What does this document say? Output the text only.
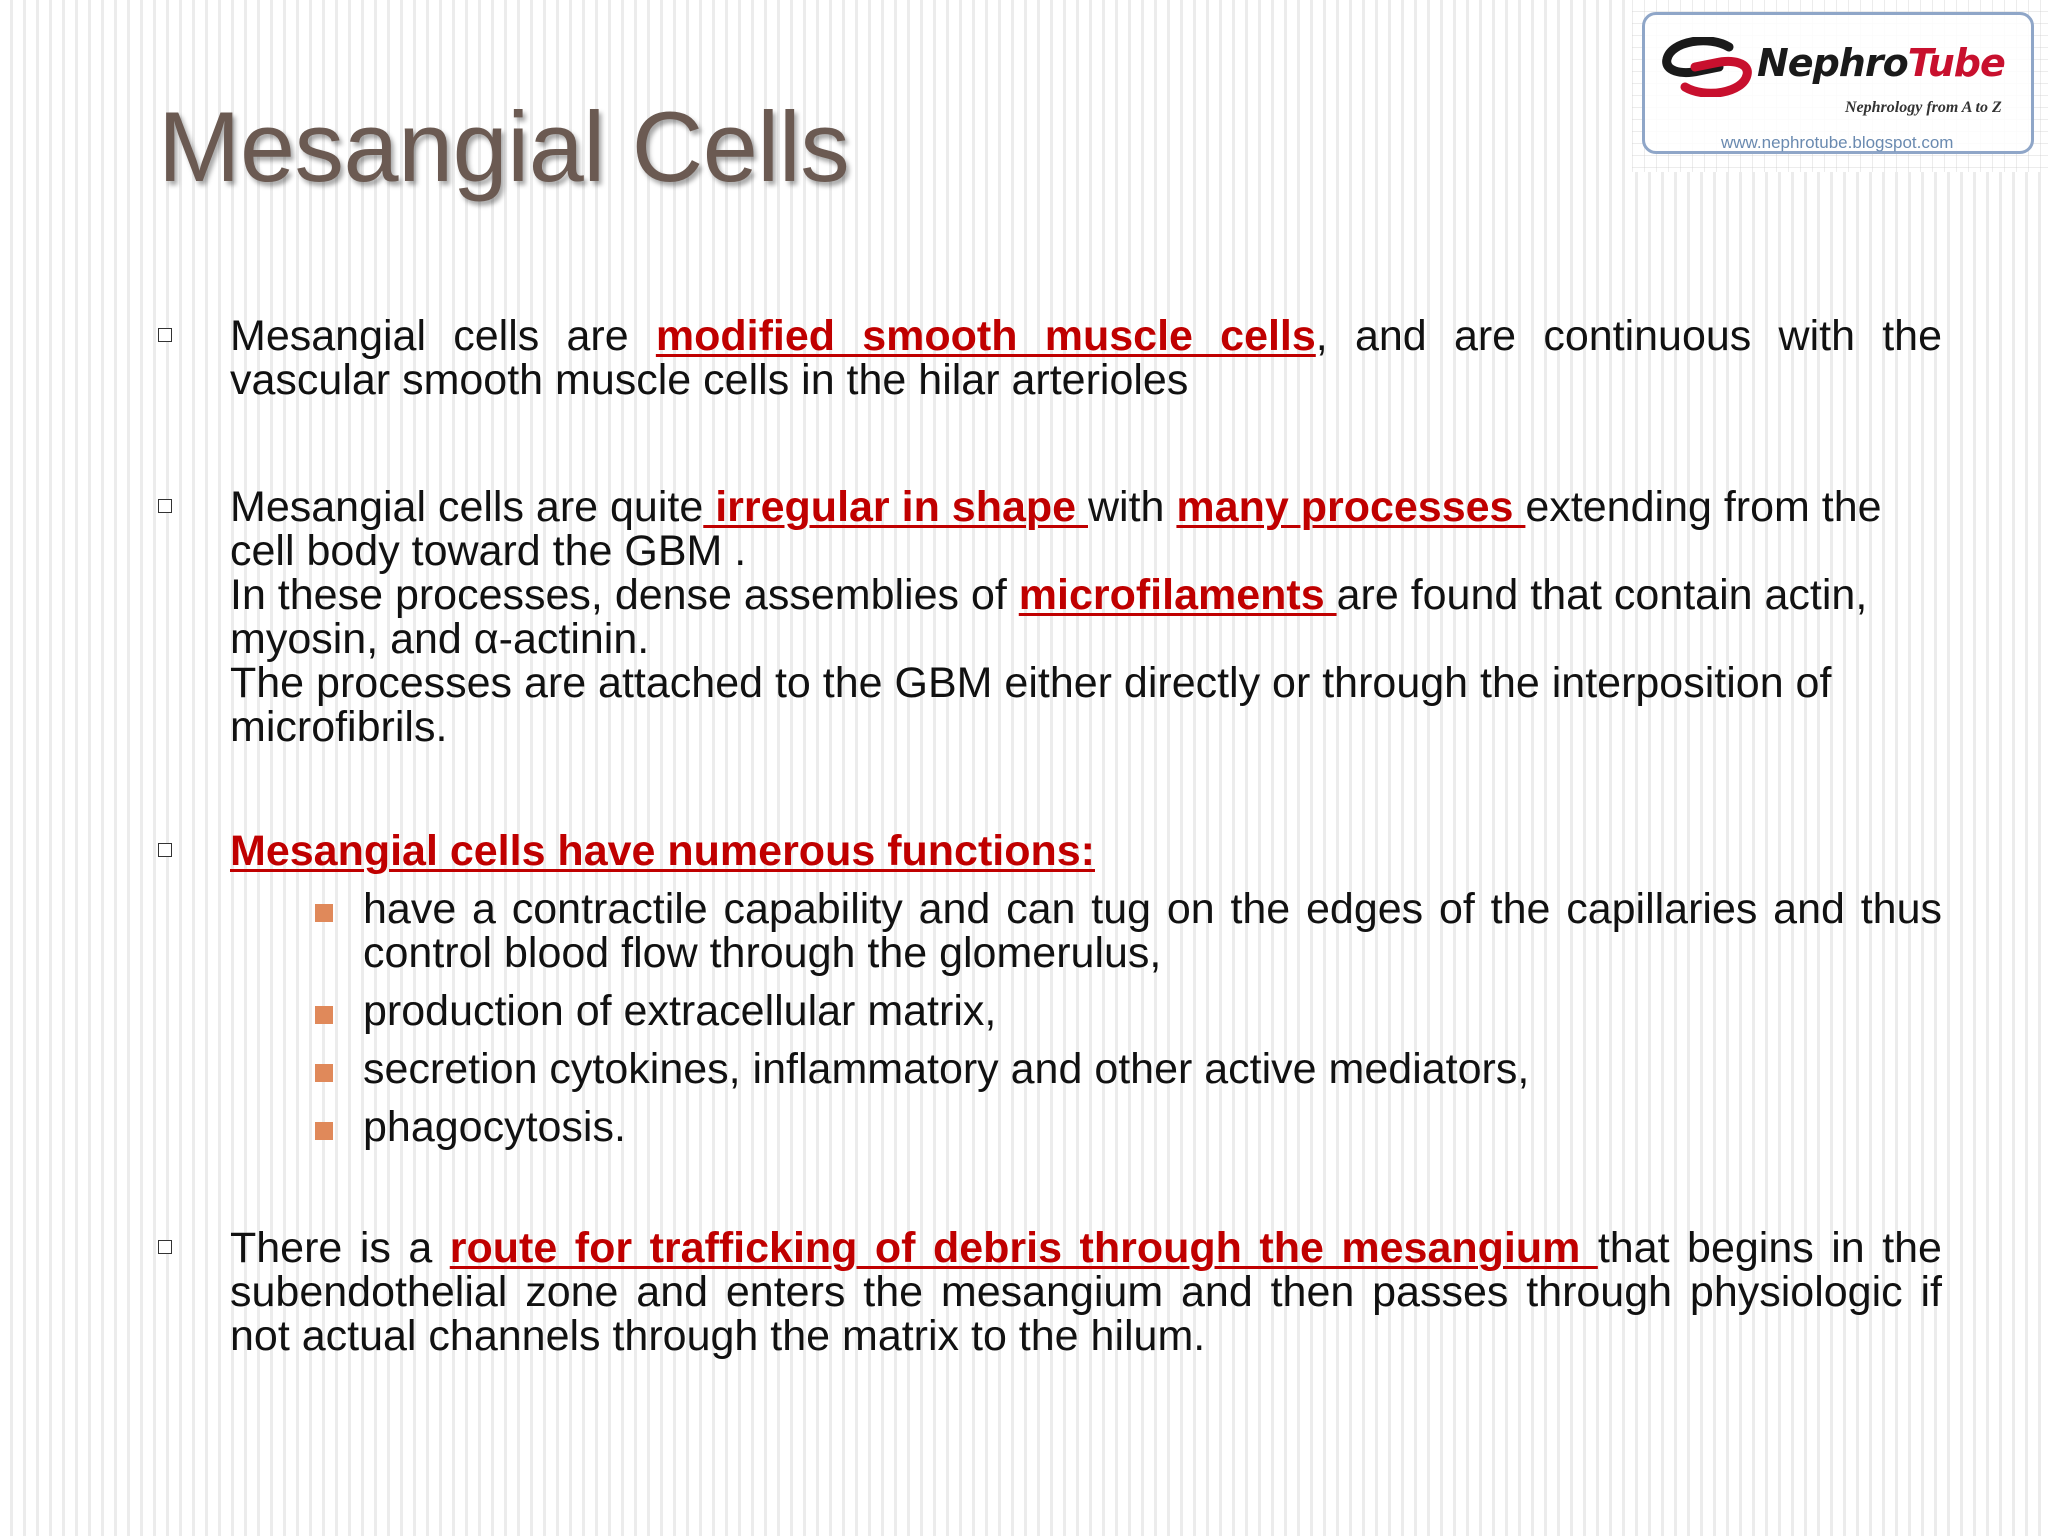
NephroTube
Nephrology from A to Z
www.nephrotube.blogspot.com
Mesangial Cells
Mesangial cells are modified smooth muscle cells, and are continuous with the vascular smooth muscle cells in the hilar arterioles
Mesangial cells are quite irregular in shape with many processes extending from the cell body toward the GBM .
In these processes, dense assemblies of microfilaments are found that contain actin, myosin, and α-actinin.
The processes are attached to the GBM either directly or through the interposition of microfibrils.
Mesangial cells have numerous functions:
have a contractile capability and can tug on the edges of the capillaries and thus control blood flow through the glomerulus,
production of extracellular matrix,
secretion cytokines, inflammatory and other active mediators,
phagocytosis.
There is a route for trafficking of debris through the mesangium that begins in the subendothelial zone and enters the mesangium and then passes through physiologic if not actual channels through the matrix to the hilum.
